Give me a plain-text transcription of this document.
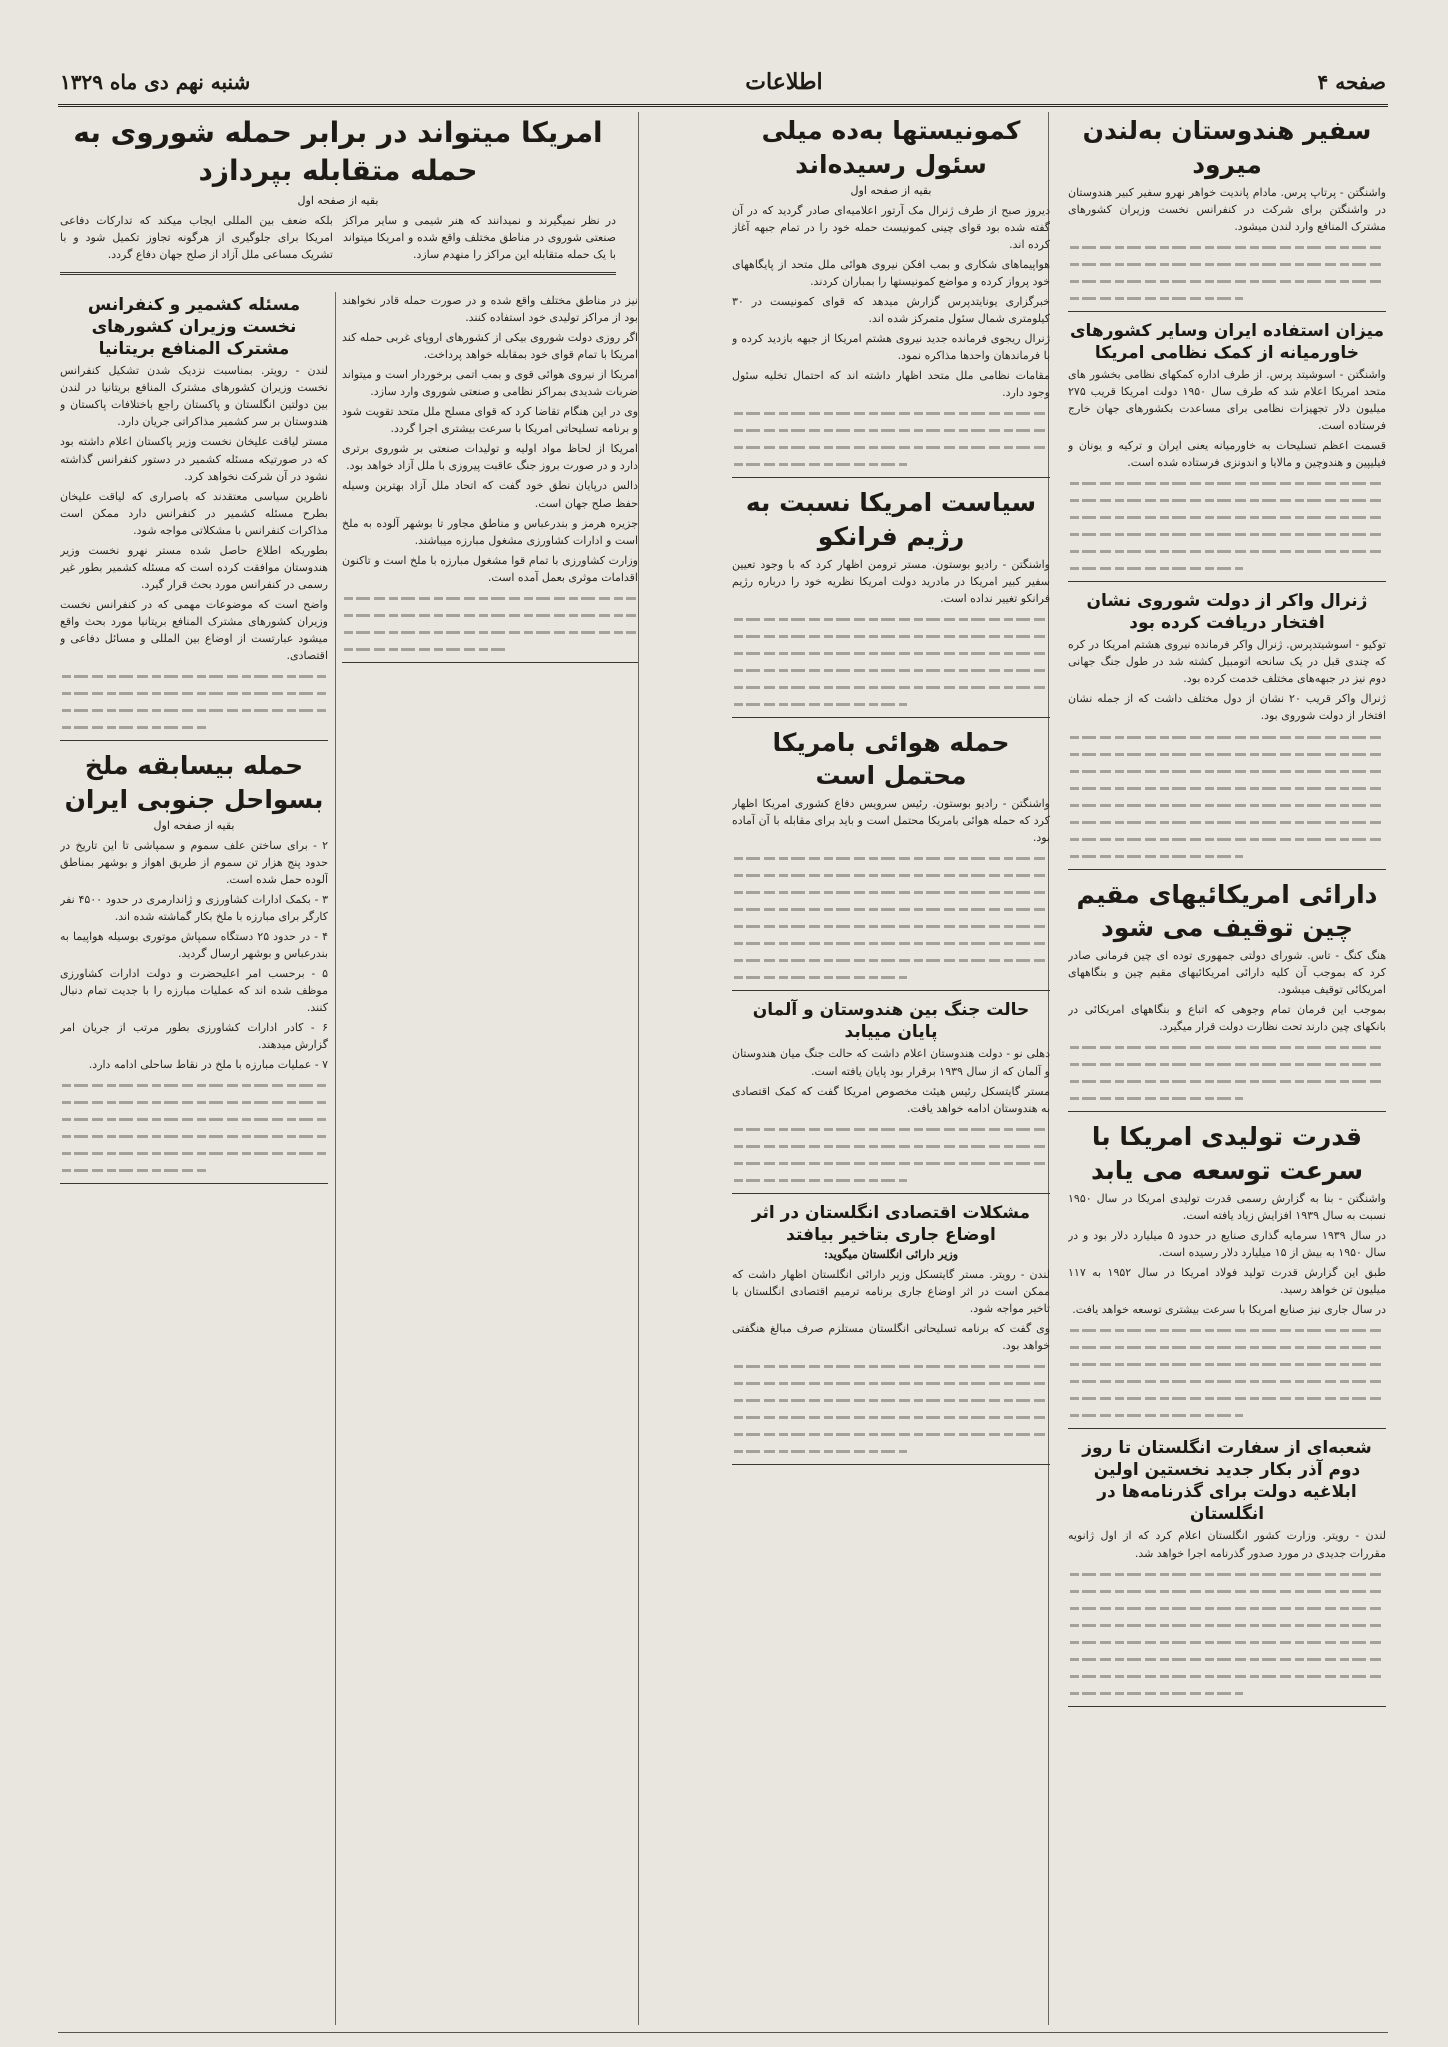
صفحه ۴
اطلاعات
شنبه نهم دی ماه ۱۳۲۹
سفیر هندوستان به‌لندن میرود

واشنگتن - پرتاپ پرس. مادام پاندیت خواهر نهرو سفیر کبیر هندوستان در واشنگتن برای شرکت در کنفرانس نخست وزیران کشورهای مشترک المنافع وارد لندن میشود.

میزان استفاده ایران وسایر کشورهای خاورمیانه از کمک نظامی امریکا

واشنگتن - اسوشیتد پرس. از طرف اداره کمکهای نظامی بخشور های متحد امریکا اعلام شد که طرف سال ۱۹۵۰ دولت امریکا قریب ۲۷۵ میلیون دلار تجهیزات نظامی برای مساعدت بکشورهای جهان خارج فرستاده است.

قسمت اعظم تسلیحات به خاورمیانه یعنی ایران و ترکیه و یونان و فیلیپین و هندوچین و مالایا و اندونزی فرستاده شده است.

ژنرال واکر از دولت شوروی نشان افتخار دریافت کرده بود

توکیو - اسوشیتدپرس. ژنرال واکر فرمانده نیروی هشتم امریکا در کره که چندی قبل در یک سانحه اتومبیل کشته شد در طول جنگ جهانی دوم نیز در جبهه‌های مختلف خدمت کرده بود.

ژنرال واکر قریب ۲۰ نشان از دول مختلف داشت که از جمله نشان افتخار از دولت شوروی بود.

دارائی امریکائیهای مقیم چین توقیف می شود

هنگ کنگ - تاس. شورای دولتی جمهوری توده ای چین فرمانی صادر کرد که بموجب آن کلیه دارائی امریکائیهای مقیم چین و بنگاههای امریکائی توقیف میشود.

بموجب این فرمان تمام وجوهی که اتباع و بنگاههای امریکائی در بانکهای چین دارند تحت نظارت دولت قرار میگیرد.

قدرت تولیدی امریکا با سرعت توسعه می یابد

واشنگتن - بنا به گزارش رسمی قدرت تولیدی امریکا در سال ۱۹۵۰ نسبت به سال ۱۹۳۹ افزایش زیاد یافته است.

در سال ۱۹۳۹ سرمایه گذاری صنایع در حدود ۵ میلیارد دلار بود و در سال ۱۹۵۰ به بیش از ۱۵ میلیارد دلار رسیده است.

طبق این گزارش قدرت تولید فولاد امریکا در سال ۱۹۵۲ به ۱۱۷ میلیون تن خواهد رسید.

در سال جاری نیز صنایع امریکا با سرعت بیشتری توسعه خواهد یافت.

شعبه‌ای از سفارت انگلستان تا روز دوم آذر بکار جدید نخستین اولین ابلاغیه دولت برای گذرنامه‌ها در انگلستان

لندن - رویتر. وزارت کشور انگلستان اعلام کرد که از اول ژانویه مقررات جدیدی در مورد صدور گذرنامه اجرا خواهد شد.

کمونیستها به‌ده میلی سئول رسیده‌اند
بقیه از صفحه اول

دیروز صبح از طرف ژنرال مک آرتور اعلامیه‌ای صادر گردید که در آن گفته شده بود قوای چینی کمونیست حمله خود را در تمام جبهه آغاز کرده اند.

هواپیماهای شکاری و بمب افکن نیروی هوائی ملل متحد از پایگاههای خود پرواز کرده و مواضع کمونیستها را بمباران کردند.

خبرگزاری یونایتدپرس گزارش میدهد که قوای کمونیست در ۳۰ کیلومتری شمال سئول متمرکز شده اند.

ژنرال ریجوی فرمانده جدید نیروی هشتم امریکا از جبهه بازدید کرده و با فرماندهان واحدها مذاکره نمود.

مقامات نظامی ملل متحد اظهار داشته اند که احتمال تخلیه سئول وجود دارد.

سیاست امریکا نسبت به رژیم فرانکو

واشنگتن - رادیو بوستون. مستر ترومن اظهار کرد که با وجود تعیین سفیر کبیر امریکا در مادرید دولت امریکا نظریه خود را درباره رژیم فرانکو تغییر نداده است.

حمله هوائی بامریکا محتمل است

واشنگتن - رادیو بوستون. رئیس سرویس دفاع کشوری امریکا اظهار کرد که حمله هوائی بامریکا محتمل است و باید برای مقابله با آن آماده بود.

حالت جنگ بین هندوستان و آلمان پایان مییابد

دهلی نو - دولت هندوستان اعلام داشت که حالت جنگ میان هندوستان و آلمان که از سال ۱۹۳۹ برقرار بود پایان یافته است.

مستر گایتسکل رئیس هیئت مخصوص امریکا گفت که کمک اقتصادی به هندوستان ادامه خواهد یافت.

مشکلات اقتصادی انگلستان در اثر اوضاع جاری بتاخیر بیافتد
وزیر دارائی انگلستان میگوید:

لندن - رویتر. مستر گایتسکل وزیر دارائی انگلستان اظهار داشت که ممکن است در اثر اوضاع جاری برنامه ترمیم اقتصادی انگلستان با تاخیر مواجه شود.

وی گفت که برنامه تسلیحاتی انگلستان مستلزم صرف مبالغ هنگفتی خواهد بود.

امریکا میتواند در برابر حمله شوروی به حمله متقابله بپردازد
بقیه از صفحه اول

در نظر نمیگیرند و نمیدانند که هنر شیمی و سایر مراکز صنعتی شوروی در مناطق مختلف واقع شده و امریکا میتواند با یک حمله متقابله این مراکز را منهدم سازد.

بلکه ضعف بین المللی ایجاب میکند که تدارکات دفاعی امریکا برای جلوگیری از هرگونه تجاوز تکمیل شود و با تشریک مساعی ملل آزاد از صلح جهان دفاع گردد.

نیز در مناطق مختلف واقع شده و در صورت حمله قادر نخواهند بود از مراکز تولیدی خود استفاده کنند.

اگر روزی دولت شوروی بیکی از کشورهای اروپای غربی حمله کند امریکا با تمام قوای خود بمقابله خواهد پرداخت.

امریکا از نیروی هوائی قوی و بمب اتمی برخوردار است و میتواند ضربات شدیدی بمراکز نظامی و صنعتی شوروی وارد سازد.

وی در این هنگام تقاضا کرد که قوای مسلح ملل متحد تقویت شود و برنامه تسلیحاتی امریکا با سرعت بیشتری اجرا گردد.

امریکا از لحاظ مواد اولیه و تولیدات صنعتی بر شوروی برتری دارد و در صورت بروز جنگ عاقبت پیروزی با ملل آزاد خواهد بود.

دالس درپایان نطق خود گفت که اتحاد ملل آزاد بهترین وسیله حفظ صلح جهان است.

جزیره هرمز و بندرعباس و مناطق مجاور تا بوشهر آلوده به ملخ است و ادارات کشاورزی مشغول مبارزه میباشند.

وزارت کشاورزی با تمام قوا مشغول مبارزه با ملخ است و تاکنون اقدامات موثری بعمل آمده است.

مسئله کشمیر و کنفرانس نخست وزیران کشورهای مشترک المنافع بریتانیا

لندن - رویتر. بمناسبت نزدیک شدن تشکیل کنفرانس نخست وزیران کشورهای مشترک المنافع بریتانیا در لندن بین دولتین انگلستان و پاکستان راجع باختلافات پاکستان و هندوستان بر سر کشمیر مذاکراتی جریان دارد.

مستر لیاقت علیخان نخست وزیر پاکستان اعلام داشته بود که در صورتیکه مسئله کشمیر در دستور کنفرانس گذاشته نشود در آن شرکت نخواهد کرد.

ناظرین سیاسی معتقدند که باصراری که لیاقت علیخان بطرح مسئله کشمیر در کنفرانس دارد ممکن است مذاکرات کنفرانس با مشکلاتی مواجه شود.

بطوریکه اطلاع حاصل شده مستر نهرو نخست وزیر هندوستان موافقت کرده است که مسئله کشمیر بطور غیر رسمی در کنفرانس مورد بحث قرار گیرد.

واضح است که موضوعات مهمی که در کنفرانس نخست وزیران کشورهای مشترک المنافع بریتانیا مورد بحث واقع میشود عبارتست از اوضاع بین المللی و مسائل دفاعی و اقتصادی.

حمله بیسابقه ملخ بسواحل جنوبی ایران
بقیه از صفحه اول

۲ - برای ساختن علف سموم و سمپاشی تا این تاریخ در حدود پنج هزار تن سموم از طریق اهواز و بوشهر بمناطق آلوده حمل شده است.

۳ - بکمک ادارات کشاورزی و ژاندارمری در حدود ۴۵۰۰ نفر کارگر برای مبارزه با ملخ بکار گماشته شده اند.

۴ - در حدود ۲۵ دستگاه سمپاش موتوری بوسیله هواپیما به بندرعباس و بوشهر ارسال گردید.

۵ - برحسب امر اعلیحضرت و دولت ادارات کشاورزی موظف شده اند که عملیات مبارزه را با جدیت تمام دنبال کنند.

۶ - کادر ادارات کشاورزی بطور مرتب از جریان امر گزارش میدهند.

۷ - عملیات مبارزه با ملخ در نقاط ساحلی ادامه دارد.
